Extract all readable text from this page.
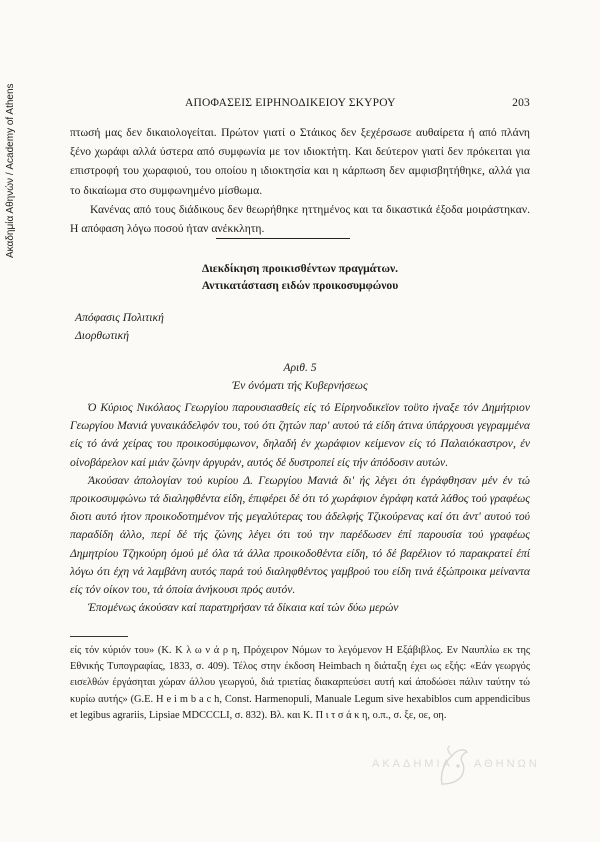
Ακαδημία Αθηνών / Academy of Athens	ΑΠΟΦΑΣΕΙΣ ΕΙΡΗΝΟΔΙΚΕΙΟΥ ΣΚΥΡΟΥ	203

πτωσή μας δεν δικαιολογείται. Πρώτον γιατί ο Στάικος δεν ξεχέρσωσε αυθαίρετα ή από πλάνη ξένο χωράφι αλλά ύστερα από συμφωνία με τον ιδιοκτήτη. Και δεύτερον γιατί δεν πρόκειται για επιστροφή του χωραφιού, του οποίου η ιδιοκτησία και η κάρπωση δεν αμφισβητήθηκε, αλλά για το δικαίωμα στο συμφωνημένο μίσθωμα.

Κανένας από τους διάδικους δεν θεωρήθηκε ηττημένος και τα δικαστικά έξοδα μοιράστηκαν. Η απόφαση λόγω ποσού ήταν ανέκκλητη.

Διεκδίκηση προικισθέντων πραγμάτων.
Αντικατάσταση ειδών προικοσυμφώνου
Απόφασις Πολιτική
Διορθωτική
Αριθ. 5
Έν όνόματι τής Κυβερνήσεως

Ό Κύριος Νικόλαος Γεωργίου παρουσιασθείς είς τό Είρηνοδικεϊον τοϋτο ήναξε τόν Δημήτριον Γεωργίου Μανιά γυναικάδελφόν του, τού ότι ζητών παρ' αυτού τά είδη άτινα ύπάρχουσι γεγραμμένα είς τό άνά χείρας του προικοσύμφωνον, δηλαδή έν χωράφιον κείμενον είς τό Παλαιόκαστρον, έν οίνοβάρελον καί μιάν ζώνην άργυράν, αυτός δέ δυστροπεί είς τήν άπόδοσιν αυτών.

Άκούσαν άπολογίαν τού κυρίου Δ. Γεωργίου Μανιά δι' ής λέγει ότι έγράφθησαν μέν έν τώ προικοσυμφώνω τά διαληφθέντα είδη, έπιφέρει δέ ότι τό χωράφιον έγράφη κατά λάθος τού γραφέως διοτι αυτό ήτον προικοδοτημένον τής μεγαλύτερας του άδελφής Τζικούρενας καί ότι άντ' αυτού τού παραδίδη άλλο, περί δέ τής ζώνης λέγει ότι τού την παρέδωσεν έπί παρουσία τού γραφέως Δημητρίου Τζηκούρη όμού μέ όλα τά άλλα προικοδοθέντα είδη, τό δέ βαρέλιον τό παρακρατεί έπί λόγω ότι έχη νά λαμβάνη αυτός παρά τού διαληφθέντος γαμβρού του είδη τινά έξώπροικα μείναντα είς τόν οίκον του, τά όποία άνήκουσι πρός αυτόν.

Έπομένως άκούσαν καί παρατηρήσαν τά δίκαια καί τών δύω μερών

είς τόν κύριόν του» (Κ. Κ λ ω ν ά ρ η, Πρόχειρον Νόμων το λεγόμενον Η Εξάβιβλος. Εν Ναυπλίω εκ της Εθνικής Τυπογραφίας, 1833, σ. 409). Τέλος στην έκδοση Heimbach η διάταξη έχει ως εξής: «Εάν γεωργός εισελθών έργάσηται χώραν άλλου γεωργού, διά τριετίας διακαρπεύσει αυτή καί άποδώσει πάλιν ταύτην τώ κυρίω αυτής» (G.E. H e i m b a c h, Const. Harmenopuli, Manuale Legum sive hexabiblos cum appendicibus et legibus agrariis, Lipsiae MDCCCLI, σ. 832). Βλ. και Κ. Π ι τ σ ά κ η, ο.π., σ. ξε, οε, οη.

ΑΚΑΔΗΜΙΑ ΑΘΗΝΩΝ
